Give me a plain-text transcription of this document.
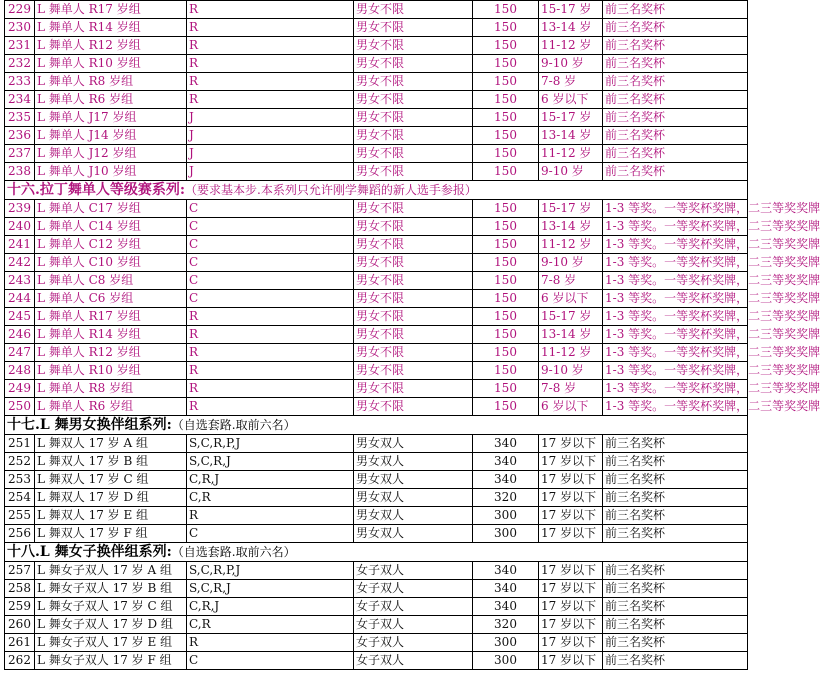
229	L 舞单人 R17 岁组	R	男女不限	150	15-17 岁	前三名奖杯
230	L 舞单人 R14 岁组	R	男女不限	150	13-14 岁	前三名奖杯
231	L 舞单人 R12 岁组	R	男女不限	150	11-12 岁	前三名奖杯
232	L 舞单人 R10 岁组	R	男女不限	150	9-10 岁	前三名奖杯
233	L 舞单人 R8 岁组	R	男女不限	150	7-8 岁	前三名奖杯
234	L 舞单人 R6 岁组	R	男女不限	150	6 岁以下	前三名奖杯
235	L 舞单人 J17 岁组	J	男女不限	150	15-17 岁	前三名奖杯
236	L 舞单人 J14 岁组	J	男女不限	150	13-14 岁	前三名奖杯
237	L 舞单人 J12 岁组	J	男女不限	150	11-12 岁	前三名奖杯
238	L 舞单人 J10 岁组	J	男女不限	150	9-10 岁	前三名奖杯
十六.拉丁舞单人等级赛系列:（要求基本步.本系列只允许刚学舞蹈的新人选手参报）						
239	L 舞单人 C17 岁组	C	男女不限	150	15-17 岁	1-3 等奖。一等奖杯奖牌，二三等奖奖牌
240	L 舞单人 C14 岁组	C	男女不限	150	13-14 岁	1-3 等奖。一等奖杯奖牌，二三等奖奖牌
241	L 舞单人 C12 岁组	C	男女不限	150	11-12 岁	1-3 等奖。一等奖杯奖牌，二三等奖奖牌
242	L 舞单人 C10 岁组	C	男女不限	150	9-10 岁	1-3 等奖。一等奖杯奖牌，二三等奖奖牌
243	L 舞单人 C8 岁组	C	男女不限	150	7-8 岁	1-3 等奖。一等奖杯奖牌，二三等奖奖牌
244	L 舞单人 C6 岁组	C	男女不限	150	6 岁以下	1-3 等奖。一等奖杯奖牌，二三等奖奖牌
245	L 舞单人 R17 岁组	R	男女不限	150	15-17 岁	1-3 等奖。一等奖杯奖牌，二三等奖奖牌
246	L 舞单人 R14 岁组	R	男女不限	150	13-14 岁	1-3 等奖。一等奖杯奖牌，二三等奖奖牌
247	L 舞单人 R12 岁组	R	男女不限	150	11-12 岁	1-3 等奖。一等奖杯奖牌，二三等奖奖牌
248	L 舞单人 R10 岁组	R	男女不限	150	9-10 岁	1-3 等奖。一等奖杯奖牌，二三等奖奖牌
249	L 舞单人 R8 岁组	R	男女不限	150	7-8 岁	1-3 等奖。一等奖杯奖牌，二三等奖奖牌
250	L 舞单人 R6 岁组	R	男女不限	150	6 岁以下	1-3 等奖。一等奖杯奖牌，二三等奖奖牌
十七.L 舞男女换伴组系列:（自选套路.取前六名）						
251	L 舞双人 17 岁 A 组	S,C,R,P,J	男女双人	340	17 岁以下	前三名奖杯
252	L 舞双人 17 岁 B 组	S,C,R,J	男女双人	340	17 岁以下	前三名奖杯
253	L 舞双人 17 岁 C 组	C,R,J	男女双人	340	17 岁以下	前三名奖杯
254	L 舞双人 17 岁 D 组	C,R	男女双人	320	17 岁以下	前三名奖杯
255	L 舞双人 17 岁 E 组	R	男女双人	300	17 岁以下	前三名奖杯
256	L 舞双人 17 岁 F 组	C	男女双人	300	17 岁以下	前三名奖杯
十八.L 舞女子换伴组系列:（自选套路.取前六名）						
257	L 舞女子双人 17 岁 A 组	S,C,R,P,J	女子双人	340	17 岁以下	前三名奖杯
258	L 舞女子双人 17 岁 B 组	S,C,R,J	女子双人	340	17 岁以下	前三名奖杯
259	L 舞女子双人 17 岁 C 组	C,R,J	女子双人	340	17 岁以下	前三名奖杯
260	L 舞女子双人 17 岁 D 组	C,R	女子双人	320	17 岁以下	前三名奖杯
261	L 舞女子双人 17 岁 E 组	R	女子双人	300	17 岁以下	前三名奖杯
262	L 舞女子双人 17 岁 F 组	C	女子双人	300	17 岁以下	前三名奖杯
